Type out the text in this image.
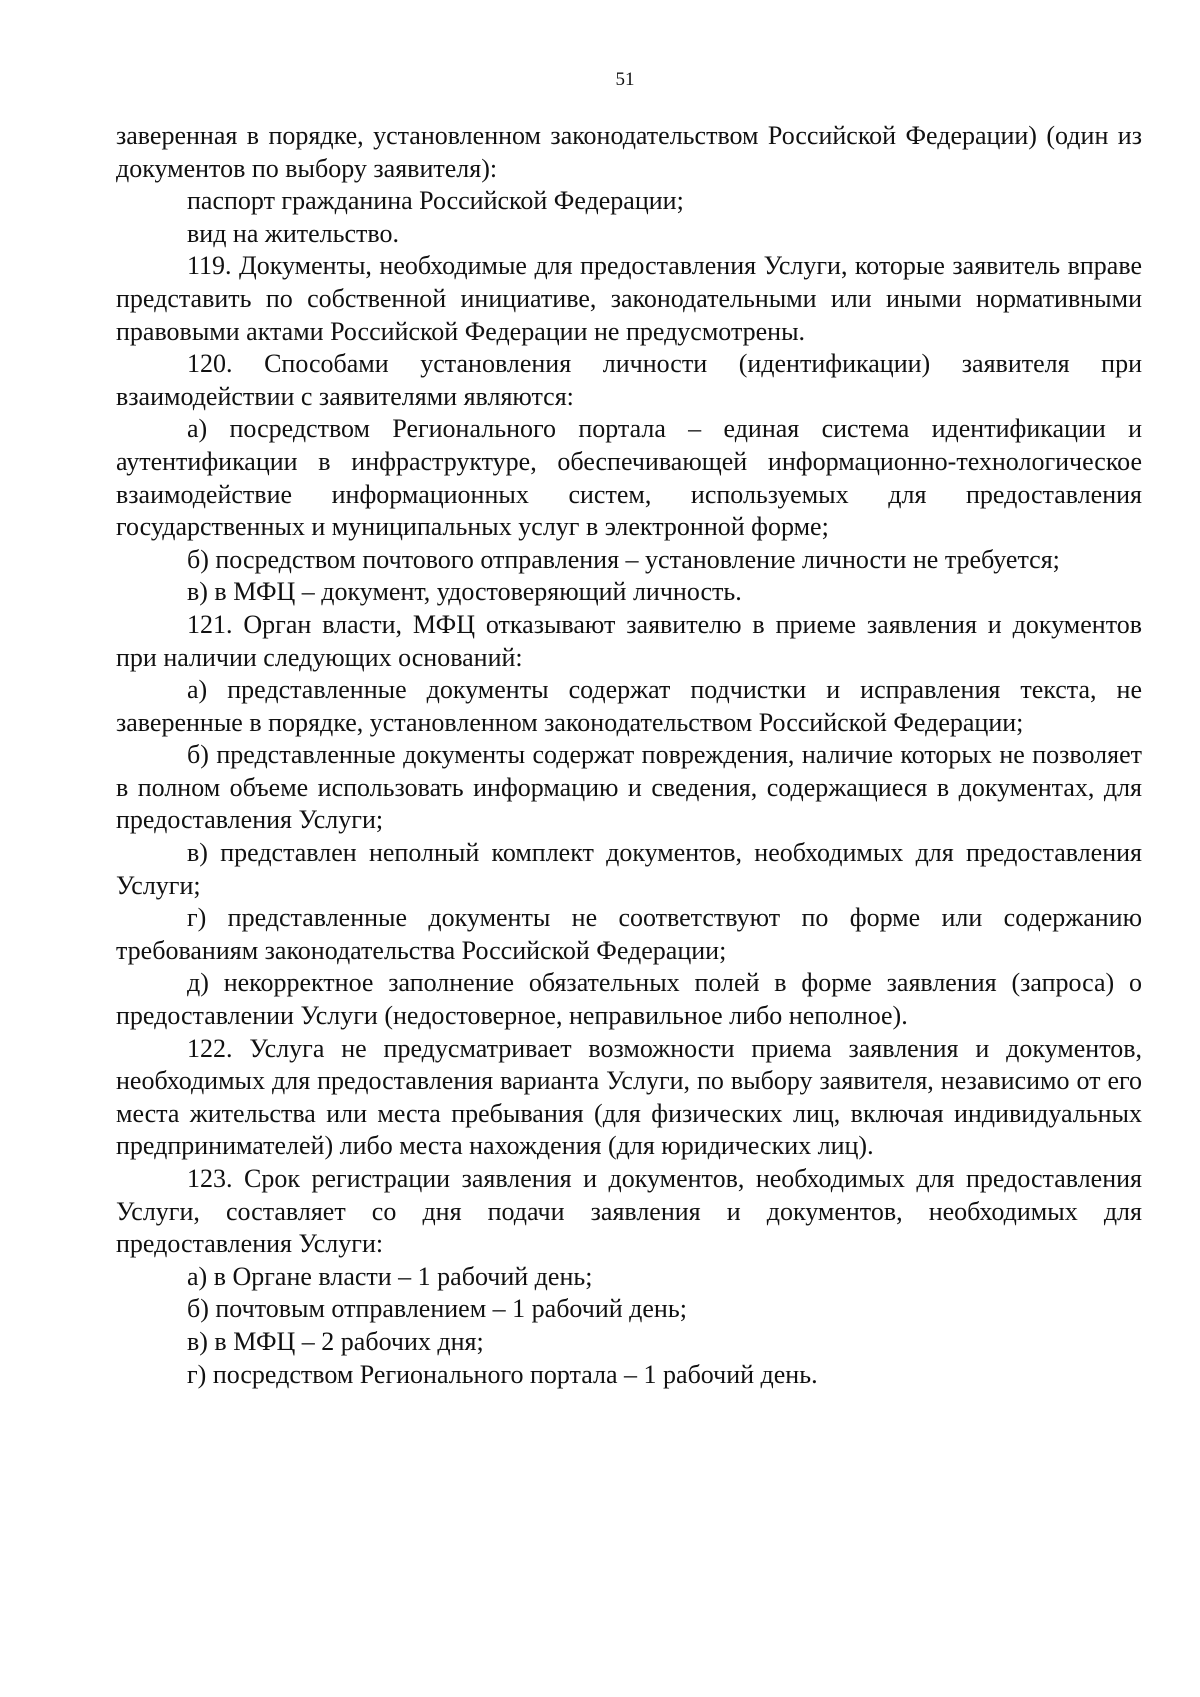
51

заверенная в порядке, установленном законодательством Российской Федерации) (один из документов по выбору заявителя):

паспорт гражданина Российской Федерации;

вид на жительство.

119. Документы, необходимые для предоставления Услуги, которые заявитель вправе представить по собственной инициативе, законодательными или иными нормативными правовыми актами Российской Федерации не предусмотрены.

120. Способами установления личности (идентификации) заявителя при взаимодействии с заявителями являются:

а) посредством Регионального портала – единая система идентификации и аутентификации в инфраструктуре, обеспечивающей информационно-технологическое взаимодействие информационных систем, используемых для предоставления государственных и муниципальных услуг в электронной форме;

б) посредством почтового отправления – установление личности не требуется;

в) в МФЦ – документ, удостоверяющий личность.

121. Орган власти, МФЦ отказывают заявителю в приеме заявления и документов при наличии следующих оснований:

а) представленные документы содержат подчистки и исправления текста, не заверенные в порядке, установленном законодательством Российской Федерации;

б) представленные документы содержат повреждения, наличие которых не позволяет в полном объеме использовать информацию и сведения, содержащиеся в документах, для предоставления Услуги;

в) представлен неполный комплект документов, необходимых для предоставления Услуги;

г) представленные документы не соответствуют по форме или содержанию требованиям законодательства Российской Федерации;

д) некорректное заполнение обязательных полей в форме заявления (запроса) о предоставлении Услуги (недостоверное, неправильное либо неполное).

122. Услуга не предусматривает возможности приема заявления и документов, необходимых для предоставления варианта Услуги, по выбору заявителя, независимо от его места жительства или места пребывания (для физических лиц, включая индивидуальных предпринимателей) либо места нахождения (для юридических лиц).

123. Срок регистрации заявления и документов, необходимых для предоставления Услуги, составляет со дня подачи заявления и документов, необходимых для предоставления Услуги:

а) в Органе власти – 1 рабочий день;

б) почтовым отправлением – 1 рабочий день;

в) в МФЦ – 2 рабочих дня;

г) посредством Регионального портала – 1 рабочий день.
